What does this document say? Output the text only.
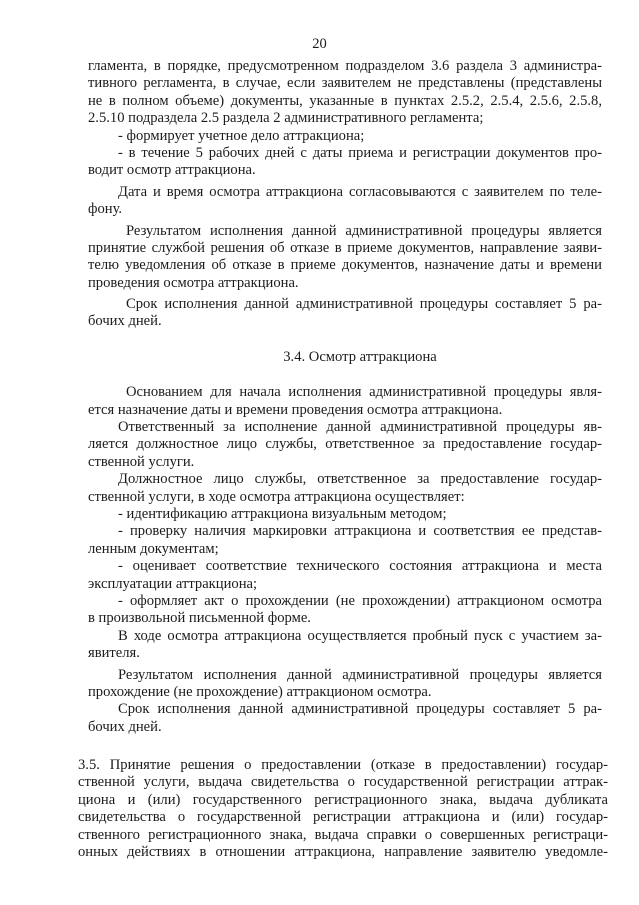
20
гламента, в порядке, предусмотренном подразделом 3.6 раздела 3 администра-
тивного регламента, в случае, если заявителем не представлены (представлены
не в полном объеме) документы, указанные в пунктах 2.5.2, 2.5.4, 2.5.6, 2.5.8,
2.5.10 подраздела 2.5 раздела 2 административного регламента;
- формирует учетное дело аттракциона;
- в течение 5 рабочих дней с даты приема и регистрации документов про-
водит осмотр аттракциона.
Дата и время осмотра аттракциона согласовываются с заявителем по теле-
фону.
Результатом исполнения данной административной процедуры является
принятие службой решения об отказе в приеме документов, направление заяви-
телю уведомления об отказе в приеме документов, назначение даты и времени
проведения осмотра аттракциона.
Срок исполнения данной административной процедуры составляет 5 ра-
бочих дней.
3.4. Осмотр аттракциона
Основанием для начала исполнения административной процедуры явля-
ется назначение даты и времени проведения осмотра аттракциона.
Ответственный за исполнение данной административной процедуры яв-
ляется должностное лицо службы, ответственное за предоставление государ-
ственной услуги.
Должностное лицо службы, ответственное за предоставление государ-
ственной услуги, в ходе осмотра аттракциона осуществляет:
- идентификацию аттракциона визуальным методом;
- проверку наличия маркировки аттракциона и соответствия ее представ-
ленным документам;
- оценивает соответствие технического состояния аттракциона и места
эксплуатации аттракциона;
- оформляет акт о прохождении (не прохождении) аттракционом осмотра
в произвольной письменной форме.
В ходе осмотра аттракциона осуществляется пробный пуск с участием за-
явителя.
Результатом исполнения данной административной процедуры является
прохождение (не прохождение) аттракционом осмотра.
Срок исполнения данной административной процедуры составляет 5 ра-
бочих дней.
3.5. Принятие решения о предоставлении (отказе в предоставлении) государ-
ственной услуги, выдача свидетельства о государственной регистрации аттрак-
циона и (или) государственного регистрационного знака, выдача дубликата
свидетельства о государственной регистрации аттракциона и (или) государ-
ственного регистрационного знака, выдача справки о совершенных регистраци-
онных действиях в отношении аттракциона, направление заявителю уведомле-
